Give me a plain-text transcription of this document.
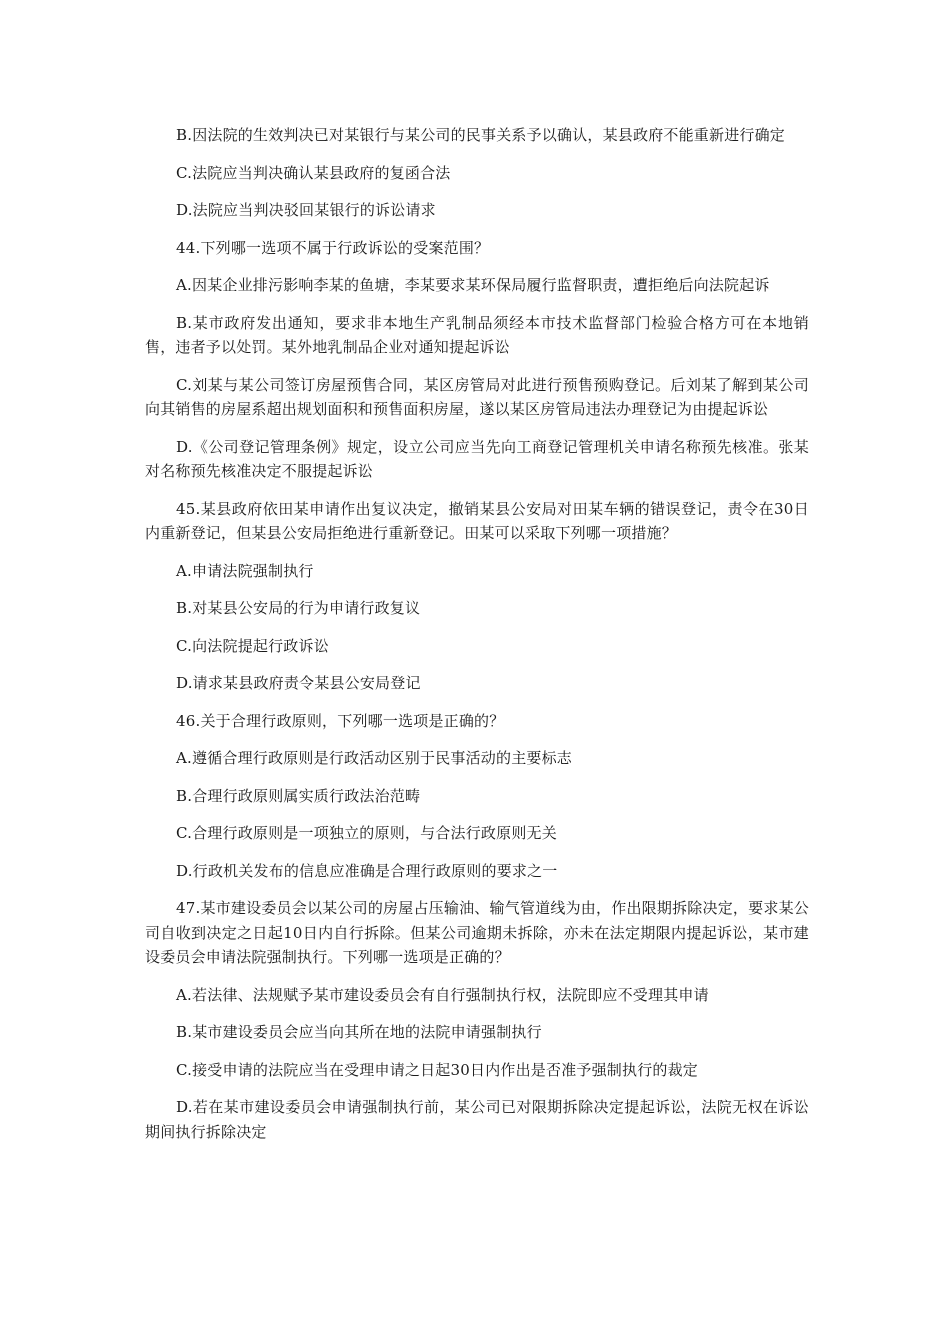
B.因法院的生效判决已对某银行与某公司的民事关系予以确认，某县政府不能重新进行确定

C.法院应当判决确认某县政府的复函合法

D.法院应当判决驳回某银行的诉讼请求

44.下列哪一选项不属于行政诉讼的受案范围？

A.因某企业排污影响李某的鱼塘，李某要求某环保局履行监督职责，遭拒绝后向法院起诉

B.某市政府发出通知，要求非本地生产乳制品须经本市技术监督部门检验合格方可在本地销售，违者予以处罚。某外地乳制品企业对通知提起诉讼

C.刘某与某公司签订房屋预售合同，某区房管局对此进行预售预购登记。后刘某了解到某公司向其销售的房屋系超出规划面积和预售面积房屋，遂以某区房管局违法办理登记为由提起诉讼

D.《公司登记管理条例》规定，设立公司应当先向工商登记管理机关申请名称预先核准。张某对名称预先核准决定不服提起诉讼

45.某县政府依田某申请作出复议决定，撤销某县公安局对田某车辆的错误登记，责令在30日内重新登记，但某县公安局拒绝进行重新登记。田某可以采取下列哪一项措施？

A.申请法院强制执行

B.对某县公安局的行为申请行政复议

C.向法院提起行政诉讼

D.请求某县政府责令某县公安局登记

46.关于合理行政原则，下列哪一选项是正确的？

A.遵循合理行政原则是行政活动区别于民事活动的主要标志

B.合理行政原则属实质行政法治范畴

C.合理行政原则是一项独立的原则，与合法行政原则无关

D.行政机关发布的信息应准确是合理行政原则的要求之一

47.某市建设委员会以某公司的房屋占压输油、输气管道线为由，作出限期拆除决定，要求某公司自收到决定之日起10日内自行拆除。但某公司逾期未拆除，亦未在法定期限内提起诉讼，某市建设委员会申请法院强制执行。下列哪一选项是正确的？

A.若法律、法规赋予某市建设委员会有自行强制执行权，法院即应不受理其申请

B.某市建设委员会应当向其所在地的法院申请强制执行

C.接受申请的法院应当在受理申请之日起30日内作出是否准予强制执行的裁定

D.若在某市建设委员会申请强制执行前，某公司已对限期拆除决定提起诉讼，法院无权在诉讼期间执行拆除决定
